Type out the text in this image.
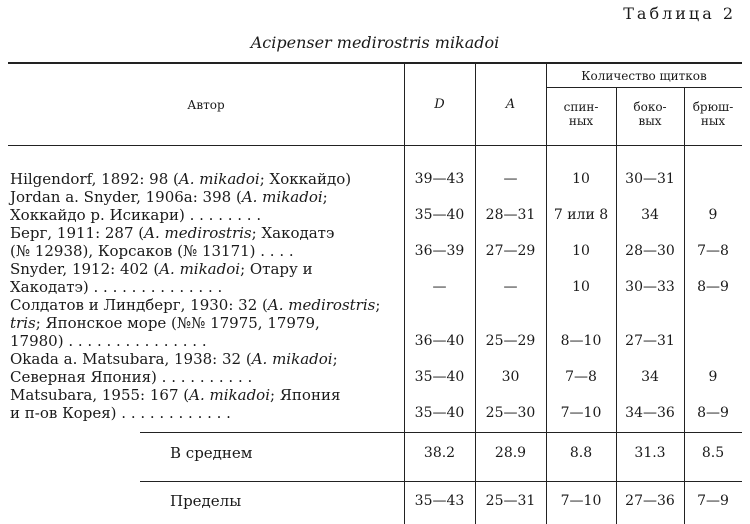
Таблица 2
Acipenser medirostris mikadoi
Автор	D	A
Количество щитков
спин-
ных
боко-
вых
брюш-
ных
Hilgendorf, 1892: 98 (A. mikadoi; Хоккайдо)	39—43	—	10	30—31
Jordan a. Snyder, 1906a: 398 (A. mikadoi;
Хоккайдо р. Исикари) . . . . . . . .	35—40	28—31	7 или 8	34	9
Берг, 1911: 287 (A. medirostris; Хакодатэ
(№ 12938), Корсаков (№ 13171) . . . .	36—39	27—29	10	28—30	7—8
Snyder, 1912: 402 (A. mikadoi; Отару и
Хакодатэ) . . . . . . . . . . . . . .	—	—	10	30—33	8—9
Солдатов и Линдберг, 1930: 32 (A. medirostris;
tris; Японское море (№№ 17975, 17979,
17980) . . . . . . . . . . . . . . .	36—40	25—29	8—10	27—31
Okada a. Matsubara, 1938: 32 (A. mikadoi;
Северная Япония) . . . . . . . . . .	35—40	30	7—8	34	9
Matsubara, 1955: 167 (A. mikadoi; Япония
и п-ов Корея) . . . . . . . . . . . .	35—40	25—30	7—10	34—36	8—9
В среднем	38.2	28.9	8.8	31.3	8.5
Пределы	35—43	25—31	7—10	27—36	7—9
